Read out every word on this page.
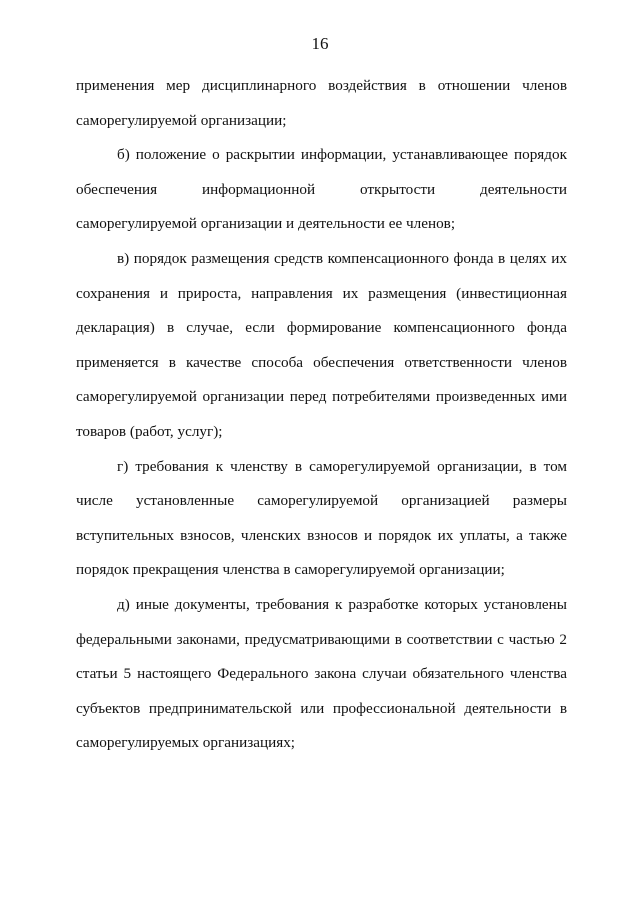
16

применения мер дисциплинарного воздействия в отношении членов саморегулируемой организации;

б) положение о раскрытии информации, устанавливающее порядок обеспечения информационной открытости деятельности саморегулируемой организации и деятельности ее членов;

в) порядок размещения средств компенсационного фонда в целях их сохранения и прироста, направления их размещения (инвестиционная декларация) в случае, если формирование компенсационного фонда применяется в качестве способа обеспечения ответственности членов саморегулируемой организации перед потребителями произведенных ими товаров (работ, услуг);

г) требования к членству в саморегулируемой организации, в том числе установленные саморегулируемой организацией размеры вступительных взносов, членских взносов и порядок их уплаты, а также порядок прекращения членства в саморегулируемой организации;

д) иные документы, требования к разработке которых установлены федеральными законами, предусматривающими в соответствии с частью 2 статьи 5 настоящего Федерального закона случаи обязательного членства субъектов предпринимательской или профессиональной деятельности в саморегулируемых организациях;
